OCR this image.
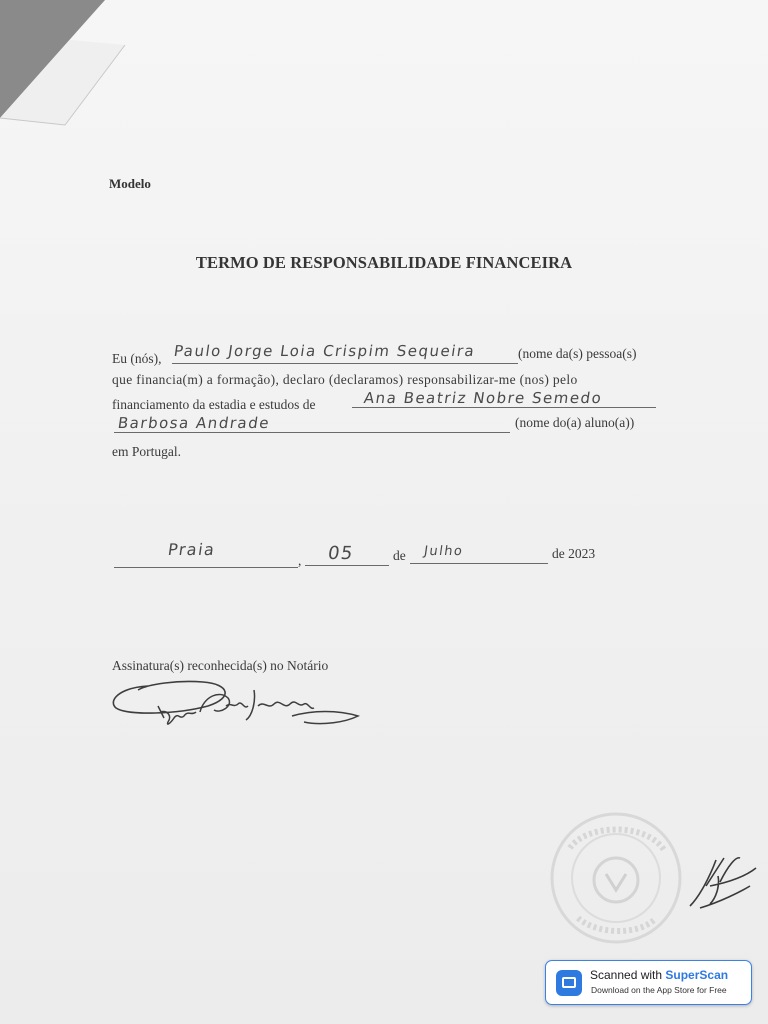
Modelo
TERMO DE RESPONSABILIDADE FINANCEIRA
Eu (nós), Paulo Jorge Loia Crispim Sequeira	(nome da(s) pessoa(s)
que financia(m) a formação), declaro (declaramos) responsabilizar-me (nos) pelo
financiamento da estadia e estudos de	Ana Beatriz Nobre Semedo
Barbosa Andrade	(nome do(a) aluno(a))
em Portugal.
Praia
, 05	de Julho	de 2023
Assinatura(s) reconhecida(s) no Notário
Scanned with SuperScan
Download on the App Store for Free
